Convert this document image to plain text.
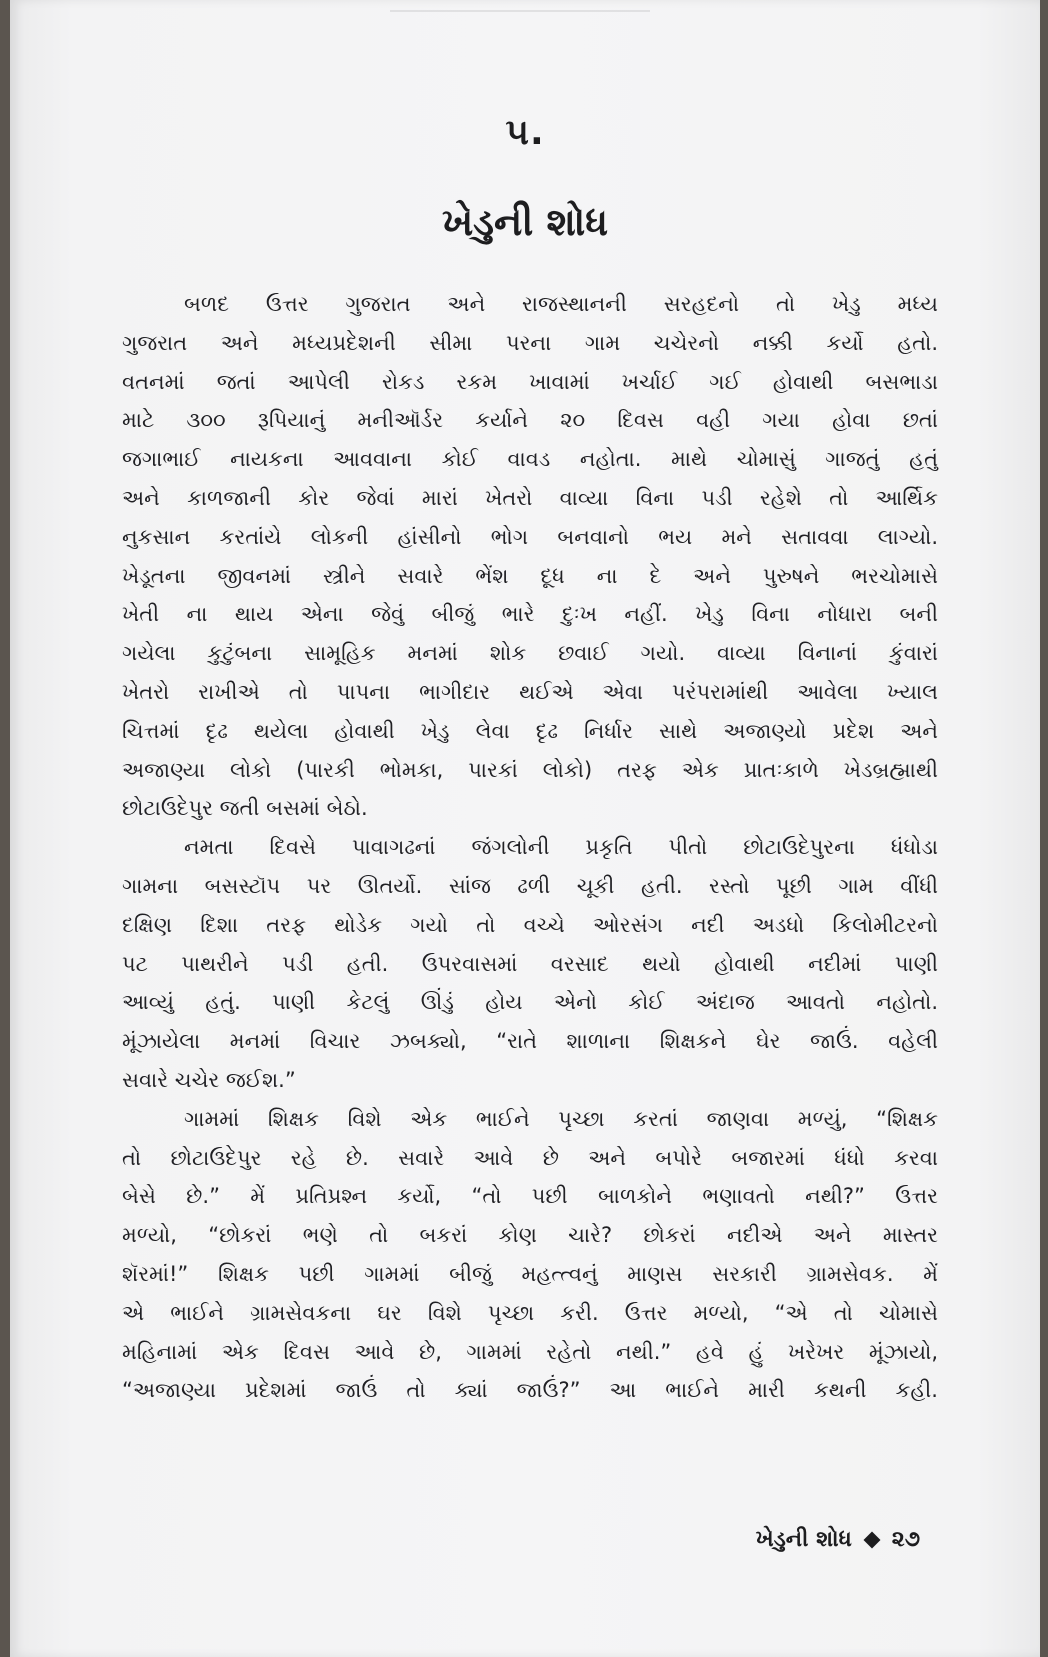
૫.
ખેડુની શોધ
બળદ ઉત્તર ગુજરાત અને રાજસ્થાનની સરહદનો તો ખેડુ મધ્ય
ગુજરાત અને મધ્યપ્રદેશની સીમા પરના ગામ ચચેરનો નક્કી કર્યો હતો.
વતનમાં જતાં આપેલી રોકડ રકમ ખાવામાં ખર્ચાઈ ગઈ હોવાથી બસભાડા
માટે ૩૦૦ રૂપિયાનું મનીઑર્ડર કર્યાને ૨૦ દિવસ વહી ગયા હોવા છતાં
જગાભાઈ નાયકના આવવાના કોઈ વાવડ નહોતા. માથે ચોમાસું ગાજતું હતું
અને કાળજાની કોર જેવાં મારાં ખેતરો વાવ્યા વિના પડી રહેશે તો આર્થિક
નુકસાન કરતાંયે લોકની હાંસીનો ભોગ બનવાનો ભય મને સતાવવા લાગ્યો.
ખેડૂતના જીવનમાં સ્ત્રીને સવારે ભેંશ દૂધ ના દે અને પુરુષને ભરચોમાસે
ખેતી ના થાય એના જેવું બીજું ભારે દુઃખ નહીં. ખેડુ વિના નોધારા બની
ગયેલા કુટુંબના સામૂહિક મનમાં શોક છવાઈ ગયો. વાવ્યા વિનાનાં કુંવારાં
ખેતરો રાખીએ તો પાપના ભાગીદાર થઈએ એવા પરંપરામાંથી આવેલા ખ્યાલ
ચિત્તમાં દૃઢ થયેલા હોવાથી ખેડુ લેવા દૃઢ નિર્ધાર સાથે અજાણ્યો પ્રદેશ અને
અજાણ્યા લોકો (પારકી ભોમકા, પારકાં લોકો) તરફ એક પ્રાતઃકાળે ખેડબ્રહ્માથી
છોટાઉદેપુર જતી બસમાં બેઠો.
નમતા દિવસે પાવાગઢનાં જંગલોની પ્રકૃતિ પીતો છોટાઉદેપુરના ધંધોડા
ગામના બસસ્ટૉપ પર ઊતર્યો. સાંજ ઢળી ચૂકી હતી. રસ્તો પૂછી ગામ વીંધી
દક્ષિણ દિશા તરફ થોડેક ગયો તો વચ્ચે ઓરસંગ નદી અડધો કિલોમીટરનો
પટ પાથરીને પડી હતી. ઉપરવાસમાં વરસાદ થયો હોવાથી નદીમાં પાણી
આવ્યું હતું. પાણી કેટલું ઊંડું હોય એનો કોઈ અંદાજ આવતો નહોતો.
મૂંઝાયેલા મનમાં વિચાર ઝબક્યો, “રાતે શાળાના શિક્ષકને ઘેર જાઉં. વહેલી
સવારે ચચેર જઈશ.”
ગામમાં શિક્ષક વિશે એક ભાઈને પૃચ્છા કરતાં જાણવા મળ્યું, “શિક્ષક
તો છોટાઉદેપુર રહે છે. સવારે આવે છે અને બપોરે બજારમાં ધંધો કરવા
બેસે છે.” મેં પ્રતિપ્રશ્ન કર્યો, “તો પછી બાળકોને ભણાવતો નથી?” ઉત્તર
મળ્યો, “છોકરાં ભણે તો બકરાં કોણ ચારે? છોકરાં નદીએ અને માસ્તર
શૅરમાં!” શિક્ષક પછી ગામમાં બીજું મહત્ત્વનું માણસ સરકારી ગ્રામસેવક. મેં
એ ભાઈને ગ્રામસેવકના ઘર વિશે પૃચ્છા કરી. ઉત્તર મળ્યો, “એ તો ચોમાસે
મહિનામાં એક દિવસ આવે છે, ગામમાં રહેતો નથી.” હવે હું ખરેખર મૂંઝાયો,
“અજાણ્યા પ્રદેશમાં જાઉં તો ક્યાં જાઉં?” આ ભાઈને મારી કથની કહી.
ખેડુની શોધ ૨૭
